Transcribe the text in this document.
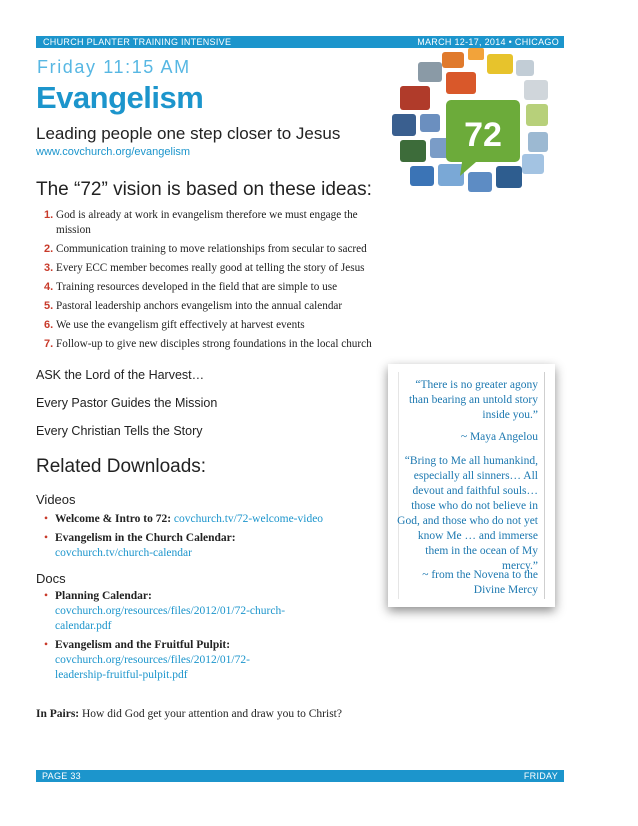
CHURCH PLANTER TRAINING INTENSIVE	MARCH 12-17, 2014 • CHICAGO
Friday 11:15 AM
Evangelism
Leading people one step closer to Jesus
www.covchurch.org/evangelism	72
The “72” vision is based on these ideas:
1. God is already at work in evangelism therefore we must engage the mission
2. Communication training to move relationships from secular to sacred
3. Every ECC member becomes really good at telling the story of Jesus
4. Training resources developed in the field that are simple to use
5. Pastoral leadership anchors evangelism into the annual calendar
6. We use the evangelism gift effectively at harvest events
7. Follow-up to give new disciples strong foundations in the local church
ASK the Lord of the Harvest…
Every Pastor Guides the Mission
Every Christian Tells the Story
Related Downloads:
Videos
• Welcome & Intro to 72: covchurch.tv/72-welcome-video
• Evangelism in the Church Calendar:
covchurch.tv/church-calendar
Docs
• Planning Calendar: covchurch.org/resources/files/2012/01/72-church-calendar.pdf
• Evangelism and the Fruitful Pulpit:
covchurch.org/resources/files/2012/01/72-leadership-fruitful-pulpit.pdf
In Pairs: How did God get your attention and draw you to Christ?
“There is no greater agony than bearing an untold story inside you.”
~ Maya Angelou
“Bring to Me all humankind, especially all sinners… All devout and faithful souls… those who do not believe in God, and those who do not yet know Me … and immerse them in the ocean of My mercy.”
~ from the Novena to the Divine Mercy
PAGE 33	FRIDAY
